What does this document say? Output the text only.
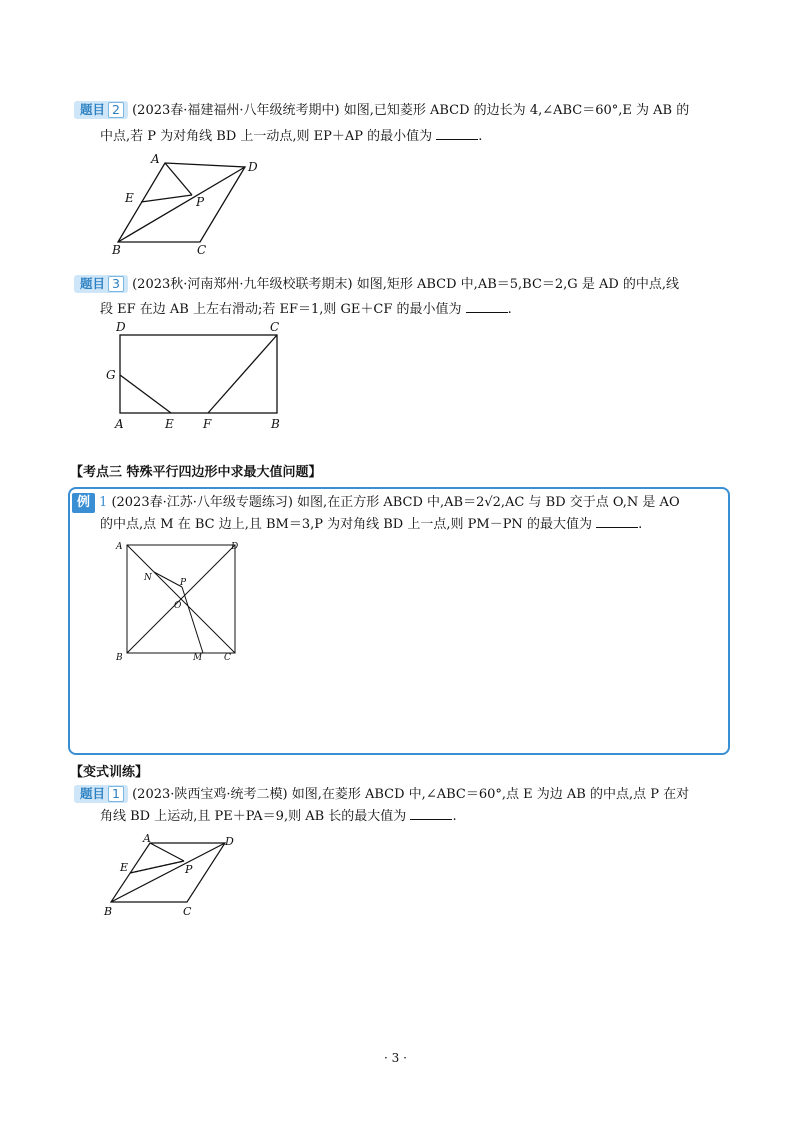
题目 2 (2023春·福建福州·八年级统考期中) 如图,已知菱形 ABCD 的边长为 4,∠ABC＝60°,E 为 AB 的
中点,若 P 为对角线 BD 上一动点,则 EP＋AP 的最小值为	.
A
D
E	P
B	C
题目 3 (2023秋·河南郑州·九年级校联考期末) 如图,矩形 ABCD 中,AB＝5,BC＝2,G 是 AD 的中点,线
段 EF 在边 AB 上左右滑动;若 EF＝1,则 GE＋CF 的最小值为	.
D	C
G
A	E F	B
【考点三 特殊平行四边形中求最大值问题】
例 1 (2023春·江苏·八年级专题练习) 如图,在正方形 ABCD 中,AB＝2√2,AC 与 BD 交于点 O,N 是 AO
的中点,点 M 在 BC 边上,且 BM＝3,P 为对角线 BD 上一点,则 PM－PN 的最大值为	.
A	D
N	P
O
B	M C
【变式训练】
题目 1 (2023·陕西宝鸡·统考二模) 如图,在菱形 ABCD 中,∠ABC＝60°,点 E 为边 AB 的中点,点 P 在对
角线 BD 上运动,且 PE＋PA＝9,则 AB 长的最大值为	.
A	D
E	P
B	C
· 3 ·
